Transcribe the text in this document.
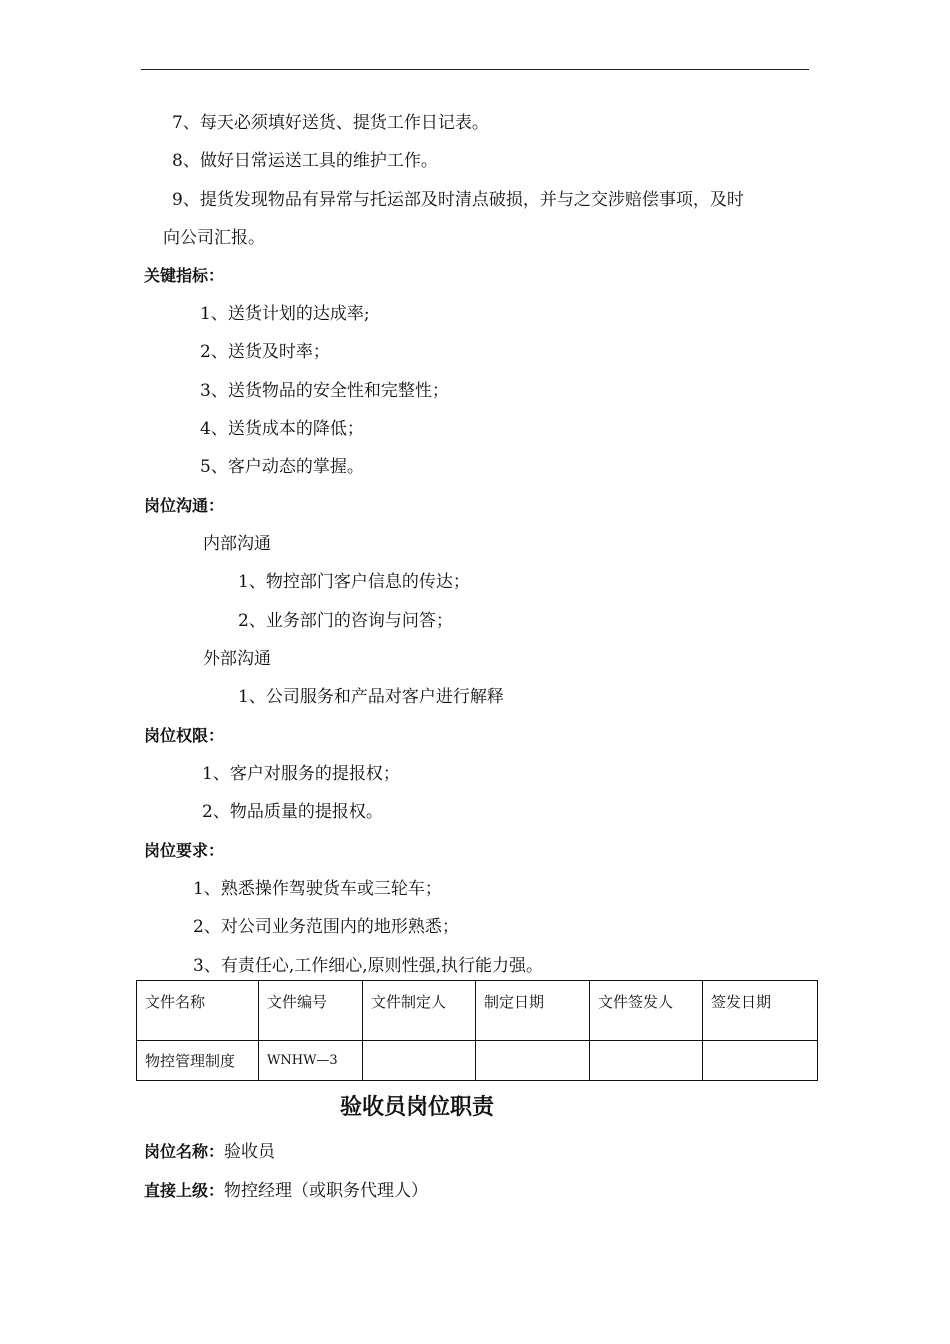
7、每天必须填好送货、提货工作日记表。
8、做好日常运送工具的维护工作。
9、提货发现物品有异常与托运部及时清点破损，并与之交涉赔偿事项，及时
向公司汇报。
关键指标：
1、送货计划的达成率;
2、送货及时率；
3、送货物品的安全性和完整性；
4、送货成本的降低；
5、客户动态的掌握。
岗位沟通：
内部沟通
1、物控部门客户信息的传达；
2、业务部门的咨询与问答；
外部沟通
1、公司服务和产品对客户进行解释
岗位权限：
1、客户对服务的提报权；
2、物品质量的提报权。
岗位要求：
1、熟悉操作驾驶货车或三轮车；
2、对公司业务范围内的地形熟悉；
3、有责任心,工作细心,原则性强,执行能力强。
文件名称	文件编号	文件制定人	制定日期	文件签发人	签发日期
物控管理制度	WNHW—3				
验收员岗位职责
岗位名称：验收员
直接上级：物控经理（或职务代理人）
